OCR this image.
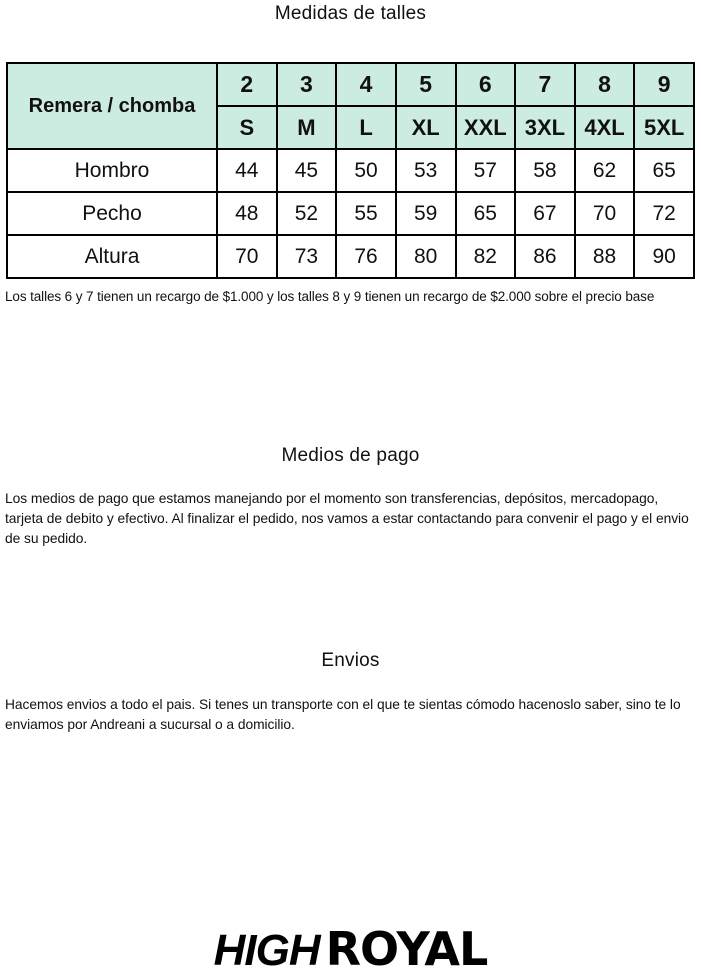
Medidas de talles
Remera / chomba	2	3	4	5	6	7	8	9
	S	M	L	XL	XXL	3XL	4XL	5XL
Hombro	44	45	50	53	57	58	62	65
Pecho	48	52	55	59	65	67	70	72
Altura	70	73	76	80	82	86	88	90
Los talles 6 y 7 tienen un recargo de $1.000 y los talles 8 y 9 tienen un recargo de $2.000 sobre el precio base
Medios de pago
Los medios de pago que estamos manejando por el momento son transferencias, depósitos, mercadopago, tarjeta de debito y efectivo. Al finalizar el pedido, nos vamos a estar contactando para convenir el pago y el envio de su pedido.
Envios
Hacemos envios a todo el pais. Si tenes un transporte con el que te sientas cómodo hacenoslo saber, sino te lo enviamos por Andreani a sucursal o a domicilio.
HIGH ROYAL
